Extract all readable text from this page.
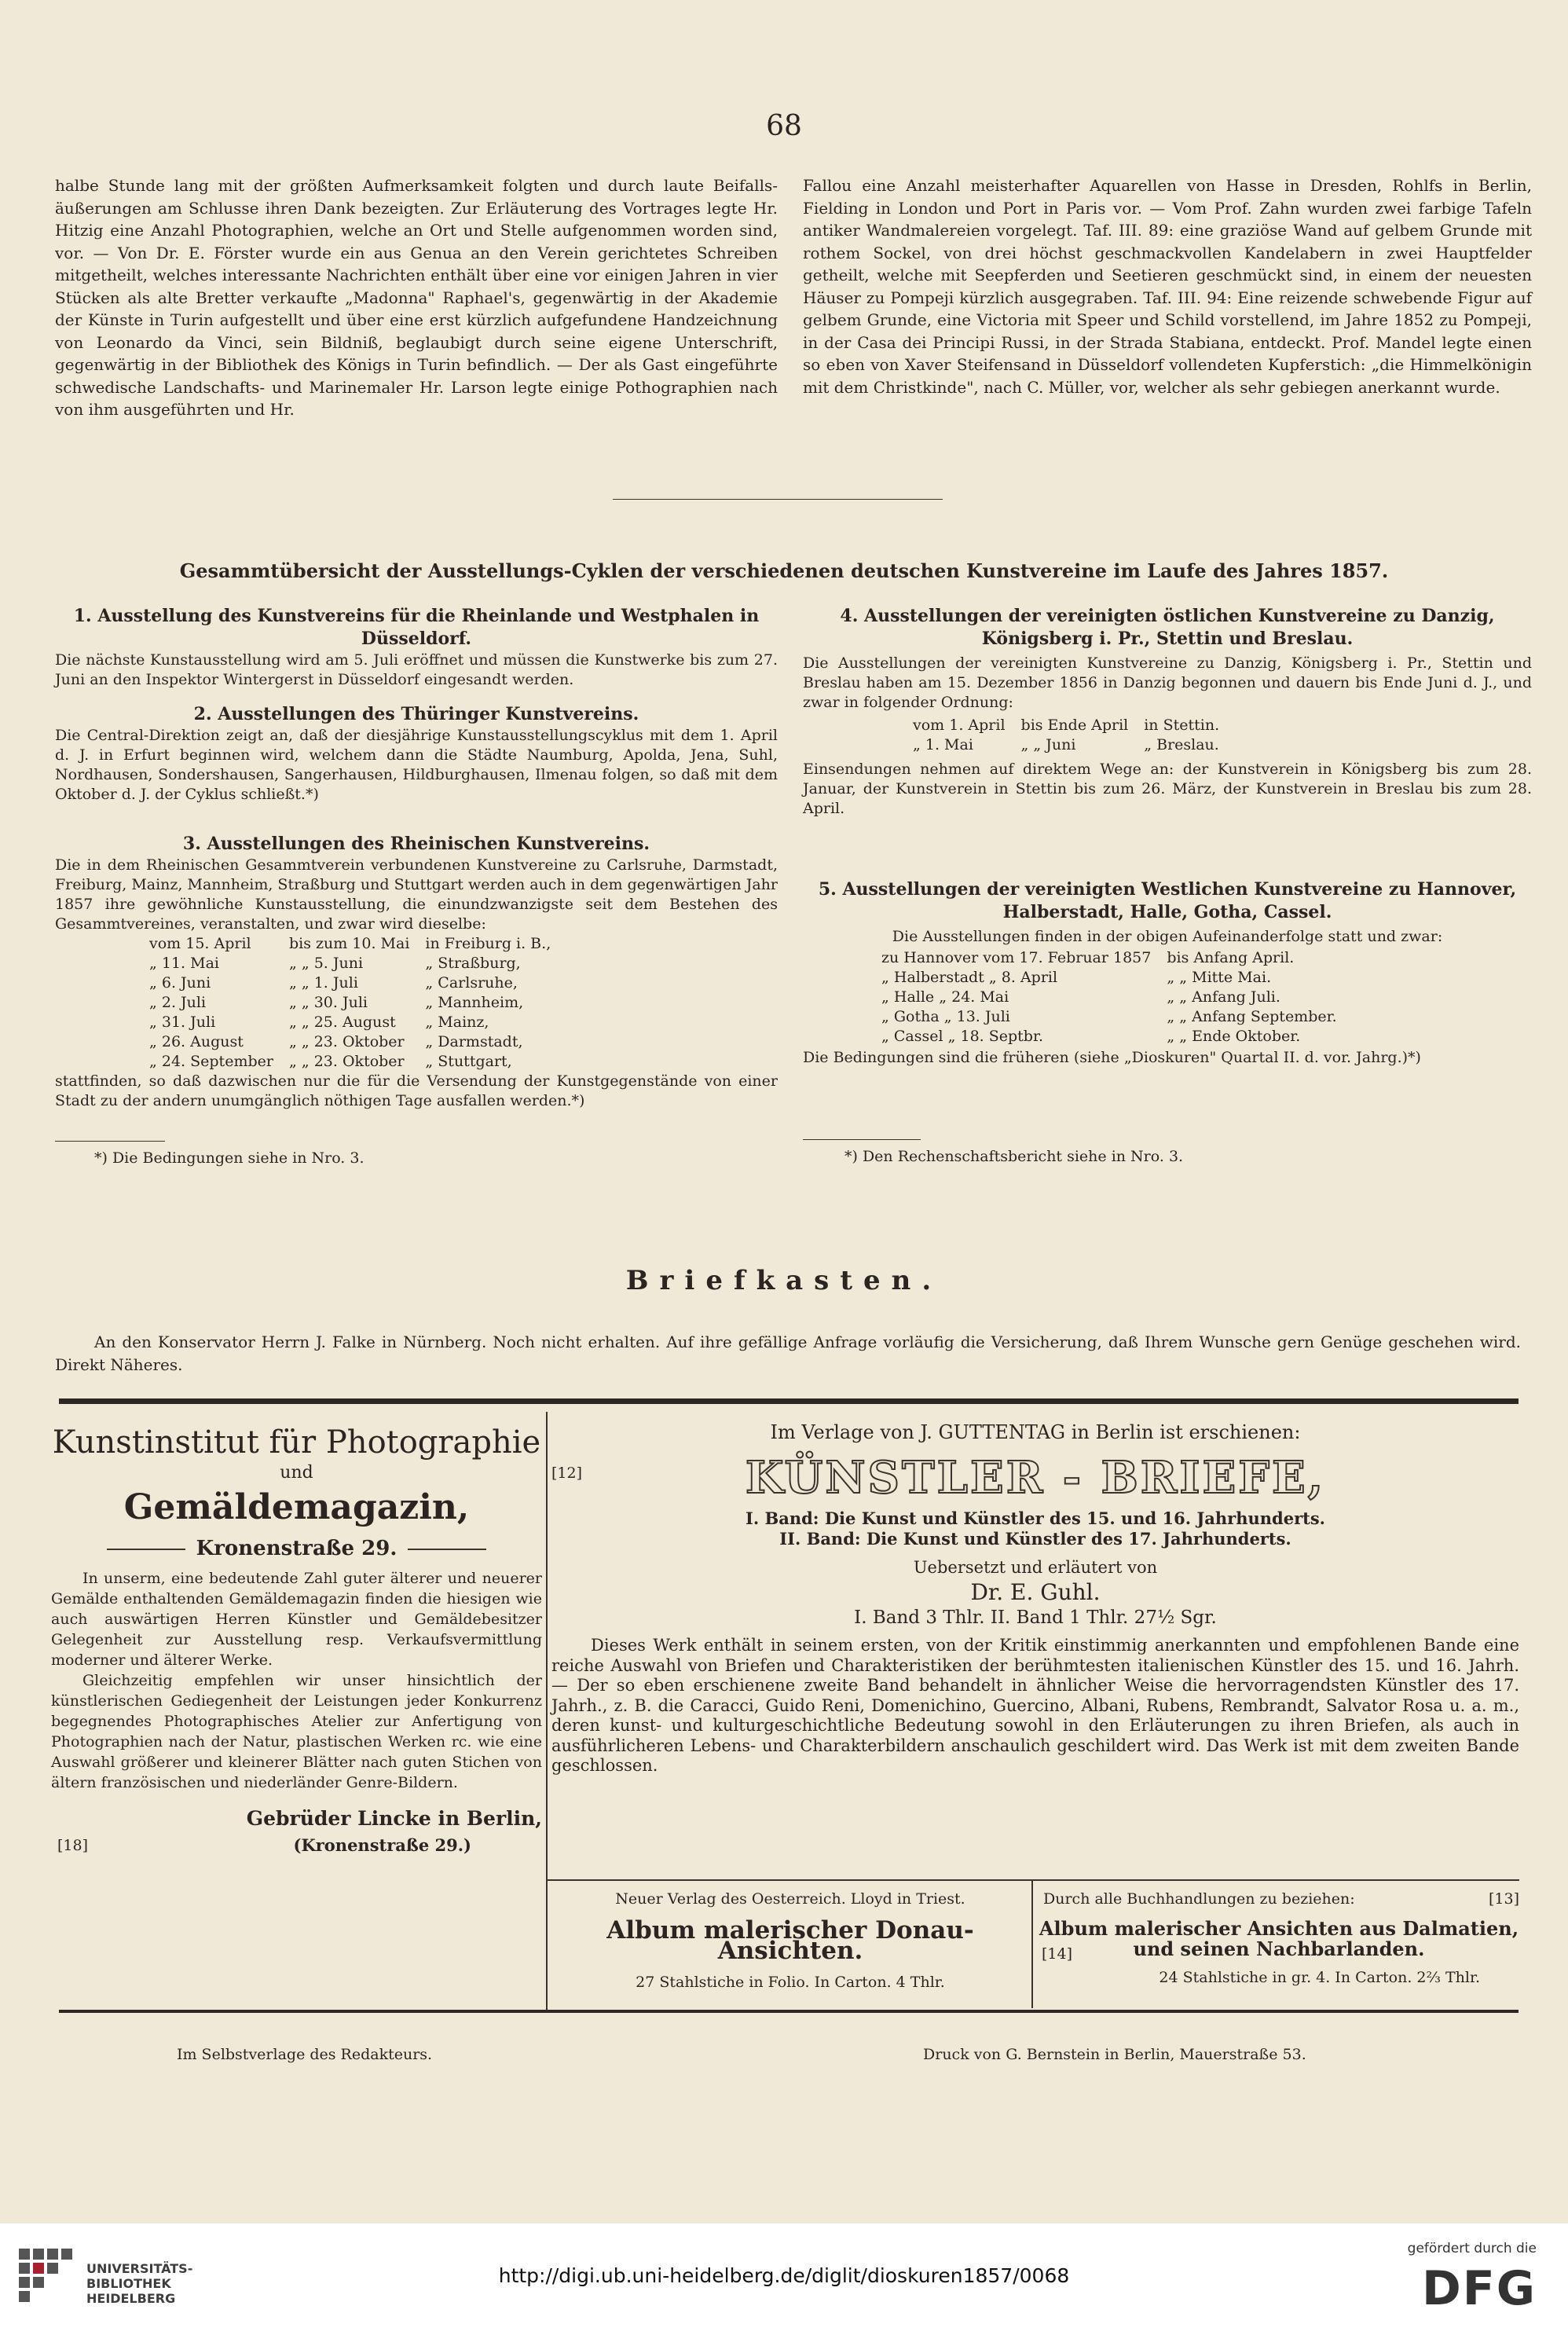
68

halbe Stunde lang mit der größten Aufmerksamkeit folgten und durch laute Beifalls-äußerungen am Schlusse ihren Dank bezeigten. Zur Erläuterung des Vortrages legte Hr. Hitzig eine Anzahl Photographien, welche an Ort und Stelle aufgenommen worden sind, vor. — Von Dr. E. Förster wurde ein aus Genua an den Verein gerichtetes Schreiben mitgetheilt, welches interessante Nachrichten enthält über eine vor einigen Jahren in vier Stücken als alte Bretter verkaufte „Madonna" Raphael's, gegenwärtig in der Akademie der Künste in Turin aufgestellt und über eine erst kürzlich aufgefundene Handzeichnung von Leonardo da Vinci, sein Bildniß, beglaubigt durch seine eigene Unterschrift, gegenwärtig in der Bibliothek des Königs in Turin befindlich. — Der als Gast eingeführte schwedische Landschafts- und Marinemaler Hr. Larson legte einige Pothographien nach von ihm ausgeführten und Hr.

Fallou eine Anzahl meisterhafter Aquarellen von Hasse in Dresden, Rohlfs in Berlin, Fielding in London und Port in Paris vor. — Vom Prof. Zahn wurden zwei farbige Tafeln antiker Wandmalereien vorgelegt. Taf. III. 89: eine graziöse Wand auf gelbem Grunde mit rothem Sockel, von drei höchst geschmackvollen Kandelabern in zwei Hauptfelder getheilt, welche mit Seepferden und Seetieren geschmückt sind, in einem der neuesten Häuser zu Pompeji kürzlich ausgegraben. Taf. III. 94: Eine reizende schwebende Figur auf gelbem Grunde, eine Victoria mit Speer und Schild vorstellend, im Jahre 1852 zu Pompeji, in der Casa dei Principi Russi, in der Strada Stabiana, entdeckt. Prof. Mandel legte einen so eben von Xaver Steifensand in Düsseldorf vollendeten Kupferstich: „die Himmelkönigin mit dem Christkinde", nach C. Müller, vor, welcher als sehr gebiegen anerkannt wurde.

Gesammtübersicht der Ausstellungs-Cyklen der verschiedenen deutschen Kunstvereine im Laufe des Jahres 1857.
1. Ausstellung des Kunstvereins für die Rheinlande und Westphalen in Düsseldorf.
Die nächste Kunstausstellung wird am 5. Juli eröffnet und müssen die Kunstwerke bis zum 27. Juni an den Inspektor Wintergerst in Düsseldorf eingesandt werden.
2. Ausstellungen des Thüringer Kunstvereins.
Die Central-Direktion zeigt an, daß der diesjährige Kunstausstellungscyklus mit dem 1. April d. J. in Erfurt beginnen wird, welchem dann die Städte Naumburg, Apolda, Jena, Suhl, Nordhausen, Sondershausen, Sangerhausen, Hildburghausen, Ilmenau folgen, so daß mit dem Oktober d. J. der Cyklus schließt.*)
3. Ausstellungen des Rheinischen Kunstvereins.
Die in dem Rheinischen Gesammtverein verbundenen Kunstvereine zu Carlsruhe, Darmstadt, Freiburg, Mainz, Mannheim, Straßburg und Stuttgart werden auch in dem gegenwärtigen Jahr 1857 ihre gewöhnliche Kunstausstellung, die einundzwanzigste seit dem Bestehen des Gesammtvereines, veranstalten, und zwar wird dieselbe:
vom 15. April	bis zum 10. Mai	in Freiburg i. B.,
„ 11. Mai	„ „ 5. Juni	„ Straßburg,
„ 6. Juni	„ „ 1. Juli	„ Carlsruhe,
„ 2. Juli	„ „ 30. Juli	„ Mannheim,
„ 31. Juli	„ „ 25. August	„ Mainz,
„ 26. August	„ „ 23. Oktober	„ Darmstadt,
„ 24. September	„ „ 23. Oktober	„ Stuttgart,
stattfinden, so daß dazwischen nur die für die Versendung der Kunstgegenstände von einer Stadt zu der andern unumgänglich nöthigen Tage ausfallen werden.*)
*) Die Bedingungen siehe in Nro. 3.
4. Ausstellungen der vereinigten östlichen Kunstvereine zu Danzig, Königsberg i. Pr., Stettin und Breslau.
Die Ausstellungen der vereinigten Kunstvereine zu Danzig, Königsberg i. Pr., Stettin und Breslau haben am 15. Dezember 1856 in Danzig begonnen und dauern bis Ende Juni d. J., und zwar in folgender Ordnung:
vom 1. April	bis Ende April	in Stettin.
„ 1. Mai	„ „ Juni	„ Breslau.
Einsendungen nehmen auf direktem Wege an: der Kunstverein in Königsberg bis zum 28. Januar, der Kunstverein in Stettin bis zum 26. März, der Kunstverein in Breslau bis zum 28. April.
5. Ausstellungen der vereinigten Westlichen Kunstvereine zu Hannover, Halberstadt, Halle, Gotha, Cassel.
Die Ausstellungen finden in der obigen Aufeinanderfolge statt und zwar:
zu Hannover vom 17. Februar 1857	bis Anfang April.
„ Halberstadt „ 8. April	„ „ Mitte Mai.
„ Halle „ 24. Mai	„ „ Anfang Juli.
„ Gotha „ 13. Juli	„ „ Anfang September.
„ Cassel „ 18. Septbr.	„ „ Ende Oktober.
Die Bedingungen sind die früheren (siehe „Dioskuren" Quartal II. d. vor. Jahrg.)*)
*) Den Rechenschaftsbericht siehe in Nro. 3.
Briefkasten.
An den Konservator Herrn J. Falke in Nürnberg. Noch nicht erhalten. Auf ihre gefällige Anfrage vorläufig die Versicherung, daß Ihrem Wunsche gern Genüge geschehen wird. Direkt Näheres.
Kunstinstitut für Photographie
und
Gemäldemagazin,
Kronenstraße 29.
In unserm, eine bedeutende Zahl guter älterer und neuerer Gemälde enthaltenden Gemäldemagazin finden die hiesigen wie auch auswärtigen Herren Künstler und Gemäldebesitzer Gelegenheit zur Ausstellung resp. Verkaufsvermittlung moderner und älterer Werke.
Gleichzeitig empfehlen wir unser hinsichtlich der künstlerischen Gediegenheit der Leistungen jeder Konkurrenz begegnendes Photographisches Atelier zur Anfertigung von Photographien nach der Natur, plastischen Werken rc. wie eine Auswahl größerer und kleinerer Blätter nach guten Stichen von ältern französischen und niederländer Genre-Bildern.
Gebrüder Lincke in Berlin,
[18]	(Kronenstraße 29.)
Im Verlage von J. GUTTENTAG in Berlin ist erschienen:
[12]	KÜNSTLER - BRIEFE,
I. Band: Die Kunst und Künstler des 15. und 16. Jahrhunderts.
II. Band: Die Kunst und Künstler des 17. Jahrhunderts.
Uebersetzt und erläutert von
Dr. E. Guhl.
I. Band 3 Thlr. II. Band 1 Thlr. 27½ Sgr.
Dieses Werk enthält in seinem ersten, von der Kritik einstimmig anerkannten und empfohlenen Bande eine reiche Auswahl von Briefen und Charakteristiken der berühmtesten italienischen Künstler des 15. und 16. Jahrh. — Der so eben erschienene zweite Band behandelt in ähnlicher Weise die hervorragendsten Künstler des 17. Jahrh., z. B. die Caracci, Guido Reni, Domenichino, Guercino, Albani, Rubens, Rembrandt, Salvator Rosa u. a. m., deren kunst- und kulturgeschichtliche Bedeutung sowohl in den Erläuterungen zu ihren Briefen, als auch in ausführlicheren Lebens- und Charakterbildern anschaulich geschildert wird. Das Werk ist mit dem zweiten Bande geschlossen.
Neuer Verlag des Oesterreich. Lloyd in Triest.
Album malerischer Donau-Ansichten.
27 Stahlstiche in Folio. In Carton. 4 Thlr.
Durch alle Buchhandlungen zu beziehen:	[13]
Album malerischer Ansichten aus Dalmatien,
[14]	und seinen Nachbarlanden.
24 Stahlstiche in gr. 4. In Carton. 2⅔ Thlr.
Im Selbstverlage des Redakteurs.	Druck von G. Bernstein in Berlin, Mauerstraße 53.
UNIVERSITÄTS-
BIBLIOTHEK
HEIDELBERG
http://digi.ub.uni-heidelberg.de/diglit/dioskuren1857/0068
gefördert durch die
DFG
